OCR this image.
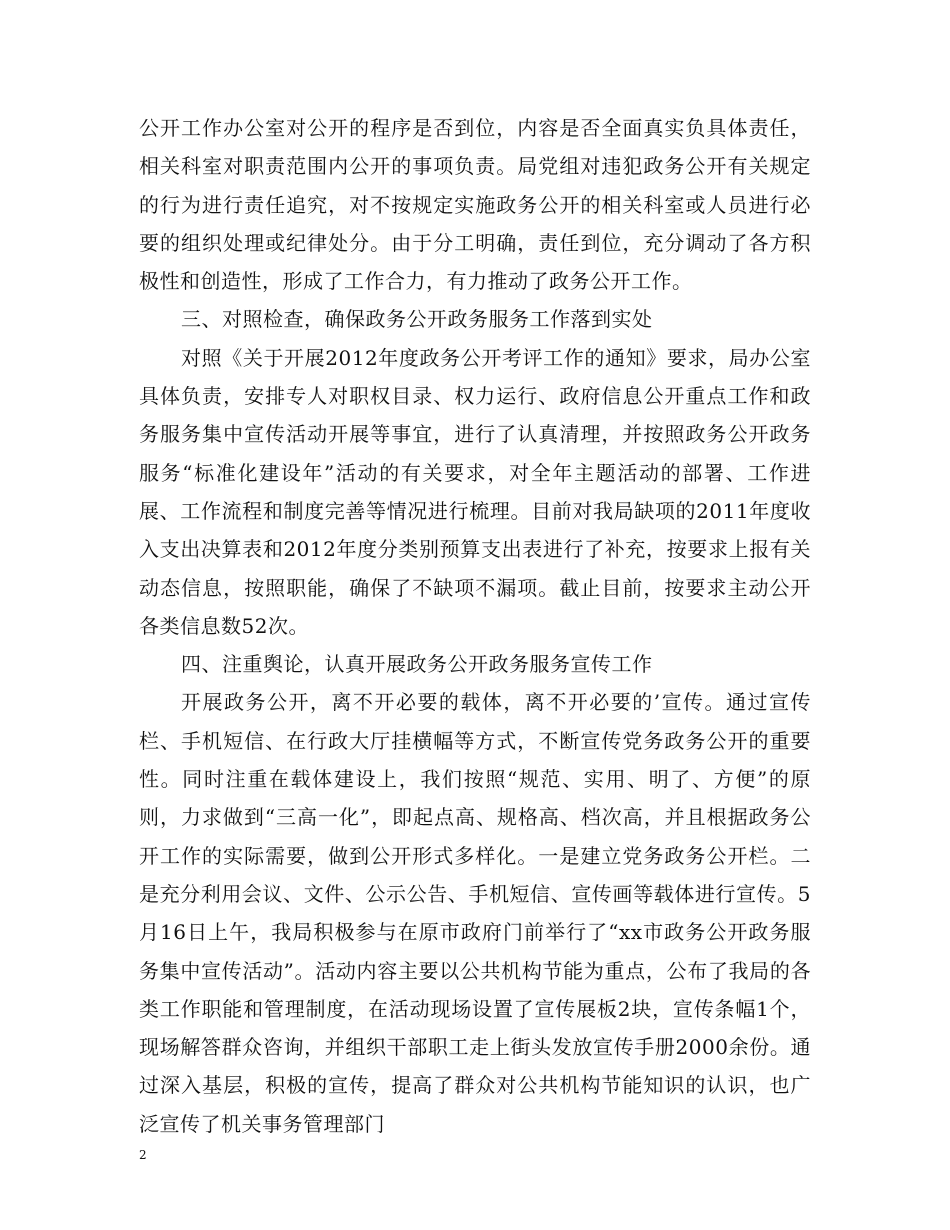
公开工作办公室对公开的程序是否到位，内容是否全面真实负具体责任，相关科室对职责范围内公开的事项负责。局党组对违犯政务公开有关规定的行为进行责任追究，对不按规定实施政务公开的相关科室或人员进行必要的组织处理或纪律处分。由于分工明确，责任到位，充分调动了各方积极性和创造性，形成了工作合力，有力推动了政务公开工作。

三、对照检查，确保政务公开政务服务工作落到实处

对照《关于开展2012年度政务公开考评工作的通知》要求，局办公室具体负责，安排专人对职权目录、权力运行、政府信息公开重点工作和政务服务集中宣传活动开展等事宜，进行了认真清理，并按照政务公开政务服务“标准化建设年”活动的有关要求，对全年主题活动的部署、工作进展、工作流程和制度完善等情况进行梳理。目前对我局缺项的2011年度收入支出决算表和2012年度分类别预算支出表进行了补充，按要求上报有关动态信息，按照职能，确保了不缺项不漏项。截止目前，按要求主动公开各类信息数52次。

四、注重舆论，认真开展政务公开政务服务宣传工作

开展政务公开，离不开必要的载体，离不开必要的’宣传。通过宣传栏、手机短信、在行政大厅挂横幅等方式，不断宣传党务政务公开的重要性。同时注重在载体建设上，我们按照“规范、实用、明了、方便”的原则，力求做到“三高一化”，即起点高、规格高、档次高，并且根据政务公开工作的实际需要，做到公开形式多样化。一是建立党务政务公开栏。二是充分利用会议、文件、公示公告、手机短信、宣传画等载体进行宣传。5月16日上午，我局积极参与在原市政府门前举行了“xx市政务公开政务服务集中宣传活动”。活动内容主要以公共机构节能为重点，公布了我局的各类工作职能和管理制度，在活动现场设置了宣传展板2块，宣传条幅1个，现场解答群众咨询，并组织干部职工走上街头发放宣传手册2000余份。通过深入基层，积极的宣传，提高了群众对公共机构节能知识的认识，也广泛宣传了机关事务管理部门

2
